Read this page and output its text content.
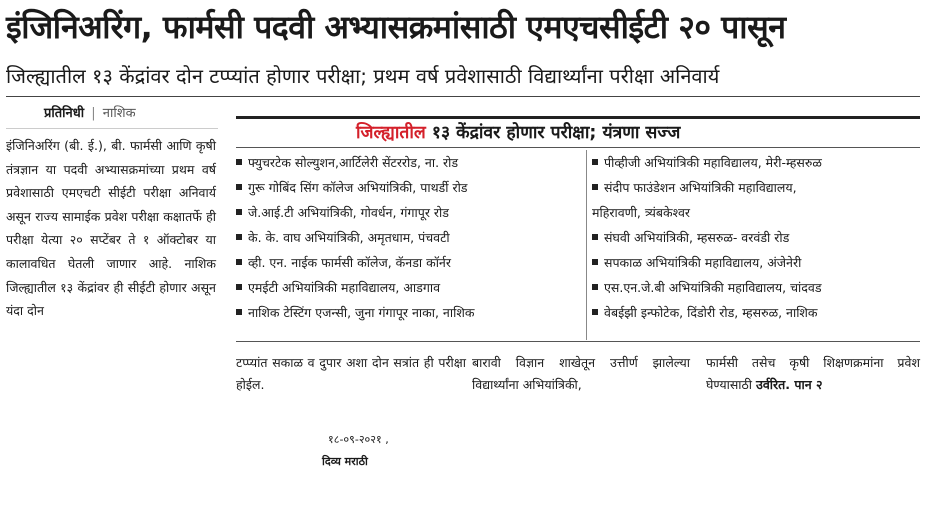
इंजिनिअरिंग, फार्मसी पदवी अभ्यासक्रमांसाठी एमएचसीईटी २० पासून
जिल्ह्यातील १३ केंद्रांवर दोन टप्प्यांत होणार परीक्षा; प्रथम वर्ष प्रवेशासाठी विद्यार्थ्यांना परीक्षा अनिवार्य
प्रतिनिधी | नाशिक
इंजिनिअरिंग (बी. ई.), बी. फार्मसी आणि कृषी तंत्रज्ञान या पदवी अभ्यासक्रमांच्या प्रथम वर्ष प्रवेशासाठी एमएचटी सीईटी परीक्षा अनिवार्य असून राज्य सामाईक प्रवेश परीक्षा कक्षातर्फे ही परीक्षा येत्या २० सप्टेंबर ते १ ऑक्टोबर या कालावधित घेतली जाणार आहे. नाशिक जिल्ह्यातील १३ केंद्रांवर ही सीईटी होणार असून यंदा दोन
जिल्ह्यातील १३ केंद्रांवर होणार परीक्षा; यंत्रणा सज्ज
फ्युचरटेक सोल्युशन,आर्टिलेरी सेंटररोड, ना. रोड
गुरू गोबिंद सिंग कॉलेज अभियांत्रिकी, पाथर्डी रोड
जे.आई.टी अभियांत्रिकी, गोवर्धन, गंगापूर रोड
के. के. वाघ अभियांत्रिकी, अमृतधाम, पंचवटी
व्ही. एन. नाईक फार्मसी कॉलेज, कॅनडा कॉर्नर
एमईटी अभियांत्रिकी महाविद्यालय, आडगाव
नाशिक टेस्टिंग एजन्सी, जुना गंगापूर नाका, नाशिक
पीव्हीजी अभियांत्रिकी महाविद्यालय, मेरी-म्हसरुळ
संदीप फाउंडेशन अभियांत्रिकी महाविद्यालय,
महिरावणी, त्र्यंबकेश्वर
संघवी अभियांत्रिकी, म्हसरुळ- वरवंडी रोड
सपकाळ अभियांत्रिकी महाविद्यालय, अंजेनेरी
एस.एन.जे.बी अभियांत्रिकी महाविद्यालय, चांदवड
वेबईझी इन्फोटेक, दिंडोरी रोड, म्हसरुळ, नाशिक
टप्प्यांत सकाळ व दुपार अशा दोन सत्रांत ही परीक्षा होईल.
बारावी विज्ञान शाखेतून उत्तीर्ण झालेल्या विद्यार्थ्यांना अभियांत्रिकी,
फार्मसी तसेच कृषी शिक्षणक्रमांना प्रवेश घेण्यासाठी उर्वरित. पान २
१८-०९-२०२१ ,
दिव्य मराठी
